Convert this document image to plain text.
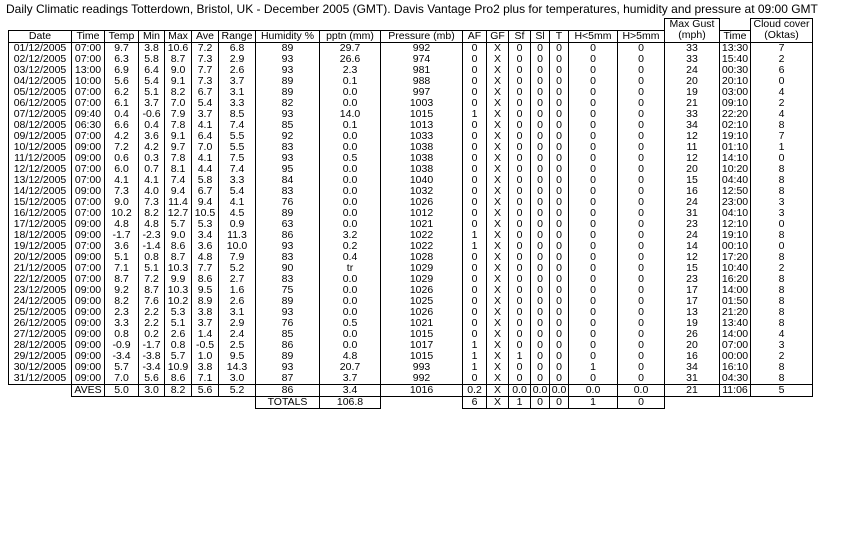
Daily Climatic readings Totterdown, Bristol, UK - December 2005 (GMT). Davis Vantage Pro2 plus for temperatures, humidity and pressure at 09:00 GMT
																	Max Gust		Cloud cover
Date	Time	Temp	Min	Max	Ave	Range	Humidity %	pptn (mm)	Pressure (mb)	AF	GF	Sf	Sl	T	H<5mm	H>5mm	(mph)	Time	(Oktas)
01/12/2005	07:00	9.7	3.8	10.6	7.2	6.8	89	29.7	992	0	X	0	0	0	0	0	33	13:30	7
02/12/2005	07:00	6.3	5.8	8.7	7.3	2.9	93	26.6	974	0	X	0	0	0	0	0	33	15:40	2
03/12/2005	13:00	6.9	6.4	9.0	7.7	2.6	93	2.3	981	0	X	0	0	0	0	0	24	00:30	6
04/12/2005	10:00	5.6	5.4	9.1	7.3	3.7	89	0.1	988	0	X	0	0	0	0	0	20	20:10	0
05/12/2005	07:00	6.2	5.1	8.2	6.7	3.1	89	0.0	997	0	X	0	0	0	0	0	19	03:00	4
06/12/2005	07:00	6.1	3.7	7.0	5.4	3.3	82	0.0	1003	0	X	0	0	0	0	0	21	09:10	2
07/12/2005	09:40	0.4	-0.6	7.9	3.7	8.5	93	14.0	1015	1	X	0	0	0	0	0	33	22:20	4
08/12/2005	06:30	6.6	0.4	7.8	4.1	7.4	85	0.1	1013	0	X	0	0	0	0	0	34	02:10	8
09/12/2005	07:00	4.2	3.6	9.1	6.4	5.5	92	0.0	1033	0	X	0	0	0	0	0	12	19:10	7
10/12/2005	09:00	7.2	4.2	9.7	7.0	5.5	83	0.0	1038	0	X	0	0	0	0	0	11	01:10	1
11/12/2005	09:00	0.6	0.3	7.8	4.1	7.5	93	0.5	1038	0	X	0	0	0	0	0	12	14:10	0
12/12/2005	07:00	6.0	0.7	8.1	4.4	7.4	95	0.0	1038	0	X	0	0	0	0	0	20	10:20	8
13/12/2005	07:00	4.1	4.1	7.4	5.8	3.3	84	0.0	1040	0	X	0	0	0	0	0	15	04:40	8
14/12/2005	09:00	7.3	4.0	9.4	6.7	5.4	83	0.0	1032	0	X	0	0	0	0	0	16	12:50	8
15/12/2005	07:00	9.0	7.3	11.4	9.4	4.1	76	0.0	1026	0	X	0	0	0	0	0	24	23:00	3
16/12/2005	07:00	10.2	8.2	12.7	10.5	4.5	89	0.0	1012	0	X	0	0	0	0	0	31	04:10	3
17/12/2005	09:00	4.8	4.8	5.7	5.3	0.9	63	0.0	1021	0	X	0	0	0	0	0	23	12:10	0
18/12/2005	09:00	-1.7	-2.3	9.0	3.4	11.3	86	3.2	1022	1	X	0	0	0	0	0	24	19:10	8
19/12/2005	07:00	3.6	-1.4	8.6	3.6	10.0	93	0.2	1022	1	X	0	0	0	0	0	14	00:10	0
20/12/2005	09:00	5.1	0.8	8.7	4.8	7.9	83	0.4	1028	0	X	0	0	0	0	0	12	17:20	8
21/12/2005	07:00	7.1	5.1	10.3	7.7	5.2	90	tr	1029	0	X	0	0	0	0	0	15	10:40	2
22/12/2005	07:00	8.7	7.2	9.9	8.6	2.7	83	0.0	1029	0	X	0	0	0	0	0	23	16:20	8
23/12/2005	09:00	9.2	8.7	10.3	9.5	1.6	75	0.0	1026	0	X	0	0	0	0	0	17	14:00	8
24/12/2005	09:00	8.2	7.6	10.2	8.9	2.6	89	0.0	1025	0	X	0	0	0	0	0	17	01:50	8
25/12/2005	09:00	2.3	2.2	5.3	3.8	3.1	93	0.0	1026	0	X	0	0	0	0	0	13	21:20	8
26/12/2005	09:00	3.3	2.2	5.1	3.7	2.9	76	0.5	1021	0	X	0	0	0	0	0	19	13:40	8
27/12/2005	09:00	0.8	0.2	2.6	1.4	2.4	85	0.0	1015	0	X	0	0	0	0	0	26	14:00	4
28/12/2005	09:00	-0.9	-1.7	0.8	-0.5	2.5	86	0.0	1017	1	X	0	0	0	0	0	20	07:00	3
29/12/2005	09:00	-3.4	-3.8	5.7	1.0	9.5	89	4.8	1015	1	X	1	0	0	0	0	16	00:00	2
30/12/2005	09:00	5.7	-3.4	10.9	3.8	14.3	93	20.7	993	1	X	0	0	0	1	0	34	16:10	8
31/12/2005	09:00	7.0	5.6	8.6	7.1	3.0	87	3.7	992	0	X	0	0	0	0	0	31	04:30	8
	AVES	5.0	3.0	8.2	5.6	5.2	86	3.4	1016	0.2	X	0.0	0.0	0.0	0.0	0.0	21	11:06	5
							TOTALS	106.8		6	X	1	0	0	1	0			
